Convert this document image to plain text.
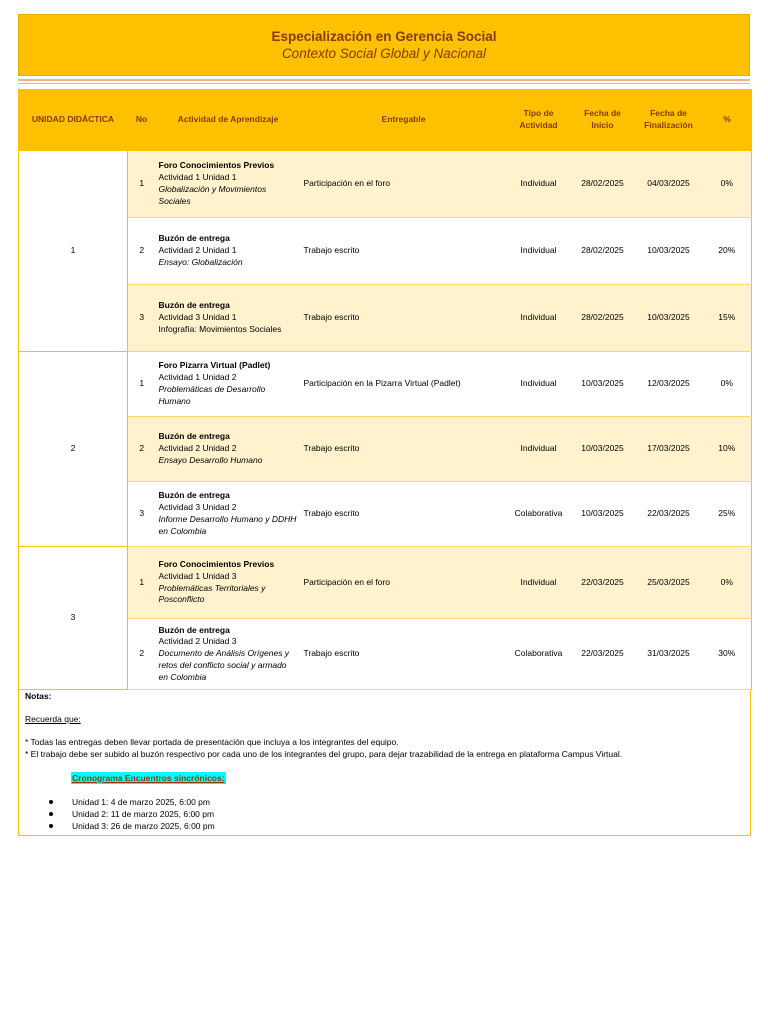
Especialización en Gerencia Social
Contexto Social Global y Nacional
UNIDAD DIDÁCTICA	No	Actividad de Aprendizaje	Entregable	Tipo de Actividad	Fecha de Inicio	Fecha de Finalización	%
1	1	Foro Conocimientos Previos
Actividad 1 Unidad 1
Globalización y Movimientos Sociales	Participación en el foro	Individual	28/02/2025	04/03/2025	0%
	2	Buzón de entrega
Actividad 2 Unidad 1
Ensayo: Globalización	Trabajo escrito	Individual	28/02/2025	10/03/2025	20%
	3	Buzón de entrega
Actividad 3 Unidad 1
Infografía: Movimientos Sociales	Trabajo escrito	Individual	28/02/2025	10/03/2025	15%
2	1	Foro Pizarra Virtual (Padlet)
Actividad 1 Unidad 2
Problemáticas de Desarrollo Humano	Participación en la Pizarra Virtual (Padlet)	Individual	10/03/2025	12/03/2025	0%
	2	Buzón de entrega
Actividad 2 Unidad 2
Ensayo Desarrollo Humano	Trabajo escrito	Individual	10/03/2025	17/03/2025	10%
	3	Buzón de entrega
Actividad 3 Unidad 2
Informe Desarrollo Humano y DDHH en Colombia	Trabajo escrito	Colaborativa	10/03/2025	22/03/2025	25%
3	1	Foro Conocimientos Previos
Actividad 1 Unidad 3
Problemáticas Territoriales y Posconflicto	Participación en el foro	Individual	22/03/2025	25/03/2025	0%
	2	Buzón de entrega
Actividad 2 Unidad 3
Documento de Análisis Orígenes y retos del conflicto social y armado en Colombia	Trabajo escrito	Colaborativa	22/03/2025	31/03/2025	30%
Notas:
Recuerda que:
* Todas las entregas deben llevar portada de presentación que incluya a los integrantes del equipo.
* El trabajo debe ser subido al buzón respectivo por cada uno de los integrantes del grupo, para dejar trazabilidad de la entrega en plataforma Campus Virtual.
Cronograma Encuentros sincrónicos:
Unidad 1: 4 de marzo 2025, 6:00 pm
Unidad 2: 11 de marzo 2025, 6:00 pm
Unidad 3: 26 de marzo 2025, 6:00 pm
